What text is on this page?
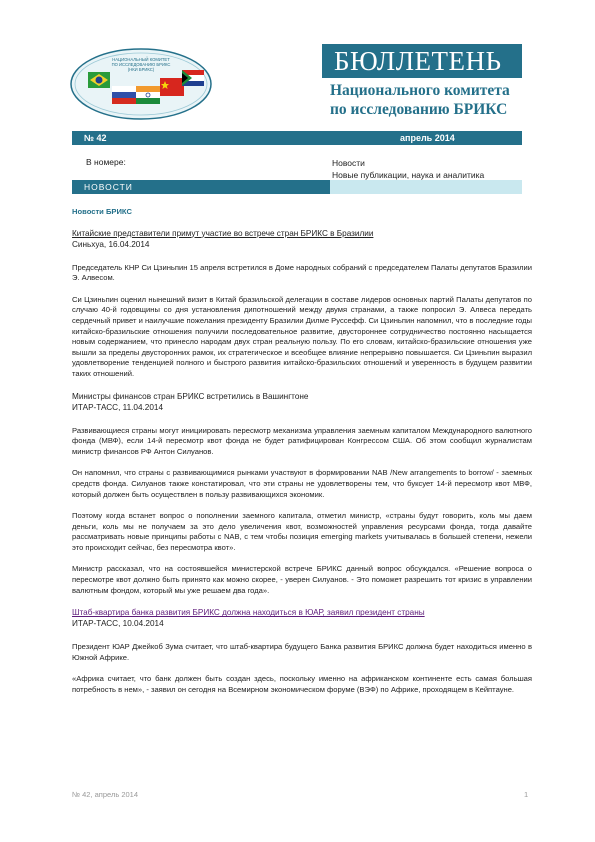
НАЦИОНАЛЬНЫЙ КОМИТЕТ
ПО ИССЛЕДОВАНИЮ БРИКС
(НКИ БРИКС)	БЮЛЛЕТЕНЬ
Национального комитета
по исследованию БРИКС
№ 42	апрель 2014
В номере:	Новости
Новые публикации, наука и аналитика
НОВОСТИ
Новости БРИКС
Китайские представители примут участие во встрече стран БРИКС в Бразилии
Синьхуа, 16.04.2014

Председатель КНР Си Цзиньпин 15 апреля встретился в Доме народных собраний с председателем Палаты депутатов Бразилии Э. Алвесом.

Си Цзиньпин оценил нынешний визит в Китай бразильской делегации в составе лидеров основных партий Палаты депутатов по случаю 40-й годовщины со дня установления дипотношений между двумя странами, а также попросил Э. Алвеса передать сердечный привет и наилучшие пожелания президенту Бразилии Дилме Руссефф. Си Цзиньпин напомнил, что в последние годы китайско-бразильские отношения получили последовательное развитие, двустороннее сотрудничество постоянно насыщается новым содержанием, что принесло народам двух стран реальную пользу. По его словам, китайско-бразильские отношения уже вышли за пределы двусторонних рамок, их стратегическое и всеобщее влияние непрерывно повышается. Си Цзиньпин выразил удовлетворение тенденцией полного и быстрого развития китайско-бразильских отношений и уверенность в будущем развитии таких отношений.

Министры финансов стран БРИКС встретились в Вашингтоне
ИТАР-ТАСС, 11.04.2014

Развивающиеся страны могут инициировать пересмотр механизма управления заемным капиталом Международного валютного фонда (МВФ), если 14-й пересмотр квот фонда не будет ратифицирован Конгрессом США. Об этом сообщил журналистам министр финансов РФ Антон Силуанов.

Он напомнил, что страны с развивающимися рынками участвуют в формировании NAB /New arrangements to borrow/ - заемных средств фонда. Силуанов также констатировал, что эти страны не удовлетворены тем, что буксует 14-й пересмотр квот МВФ, который должен быть осуществлен в пользу развивающихся экономик.

Поэтому когда встанет вопрос о пополнении заемного капитала, отметил министр, «страны будут говорить, коль мы даем деньги, коль мы не получаем за это дело увеличения квот, возможностей управления ресурсами фонда, тогда давайте рассматривать новые принципы работы с NAB, с тем чтобы позиция emerging markets учитывалась в большей степени, нежели это происходит сейчас, без пересмотра квот».

Министр рассказал, что на состоявшейся министерской встрече БРИКС данный вопрос обсуждался. «Решение вопроса о пересмотре квот должно быть принято как можно скорее, - уверен Силуанов. - Это поможет разрешить тот кризис в управлении валютным фондом, который мы уже решаем два года».

Штаб-квартира банка развития БРИКС должна находиться в ЮАР, заявил президент страны
ИТАР-ТАСС, 10.04.2014

Президент ЮАР Джейкоб Зума считает, что штаб-квартира будущего Банка развития БРИКС должна будет находиться именно в Южной Африке.

«Африка считает, что банк должен быть создан здесь, поскольку именно на африканском континенте есть самая большая потребность в нем», - заявил он сегодня на Всемирном экономическом форуме (ВЭФ) по Африке, проходящем в Кейптауне.

№ 42, апрель 2014	1
